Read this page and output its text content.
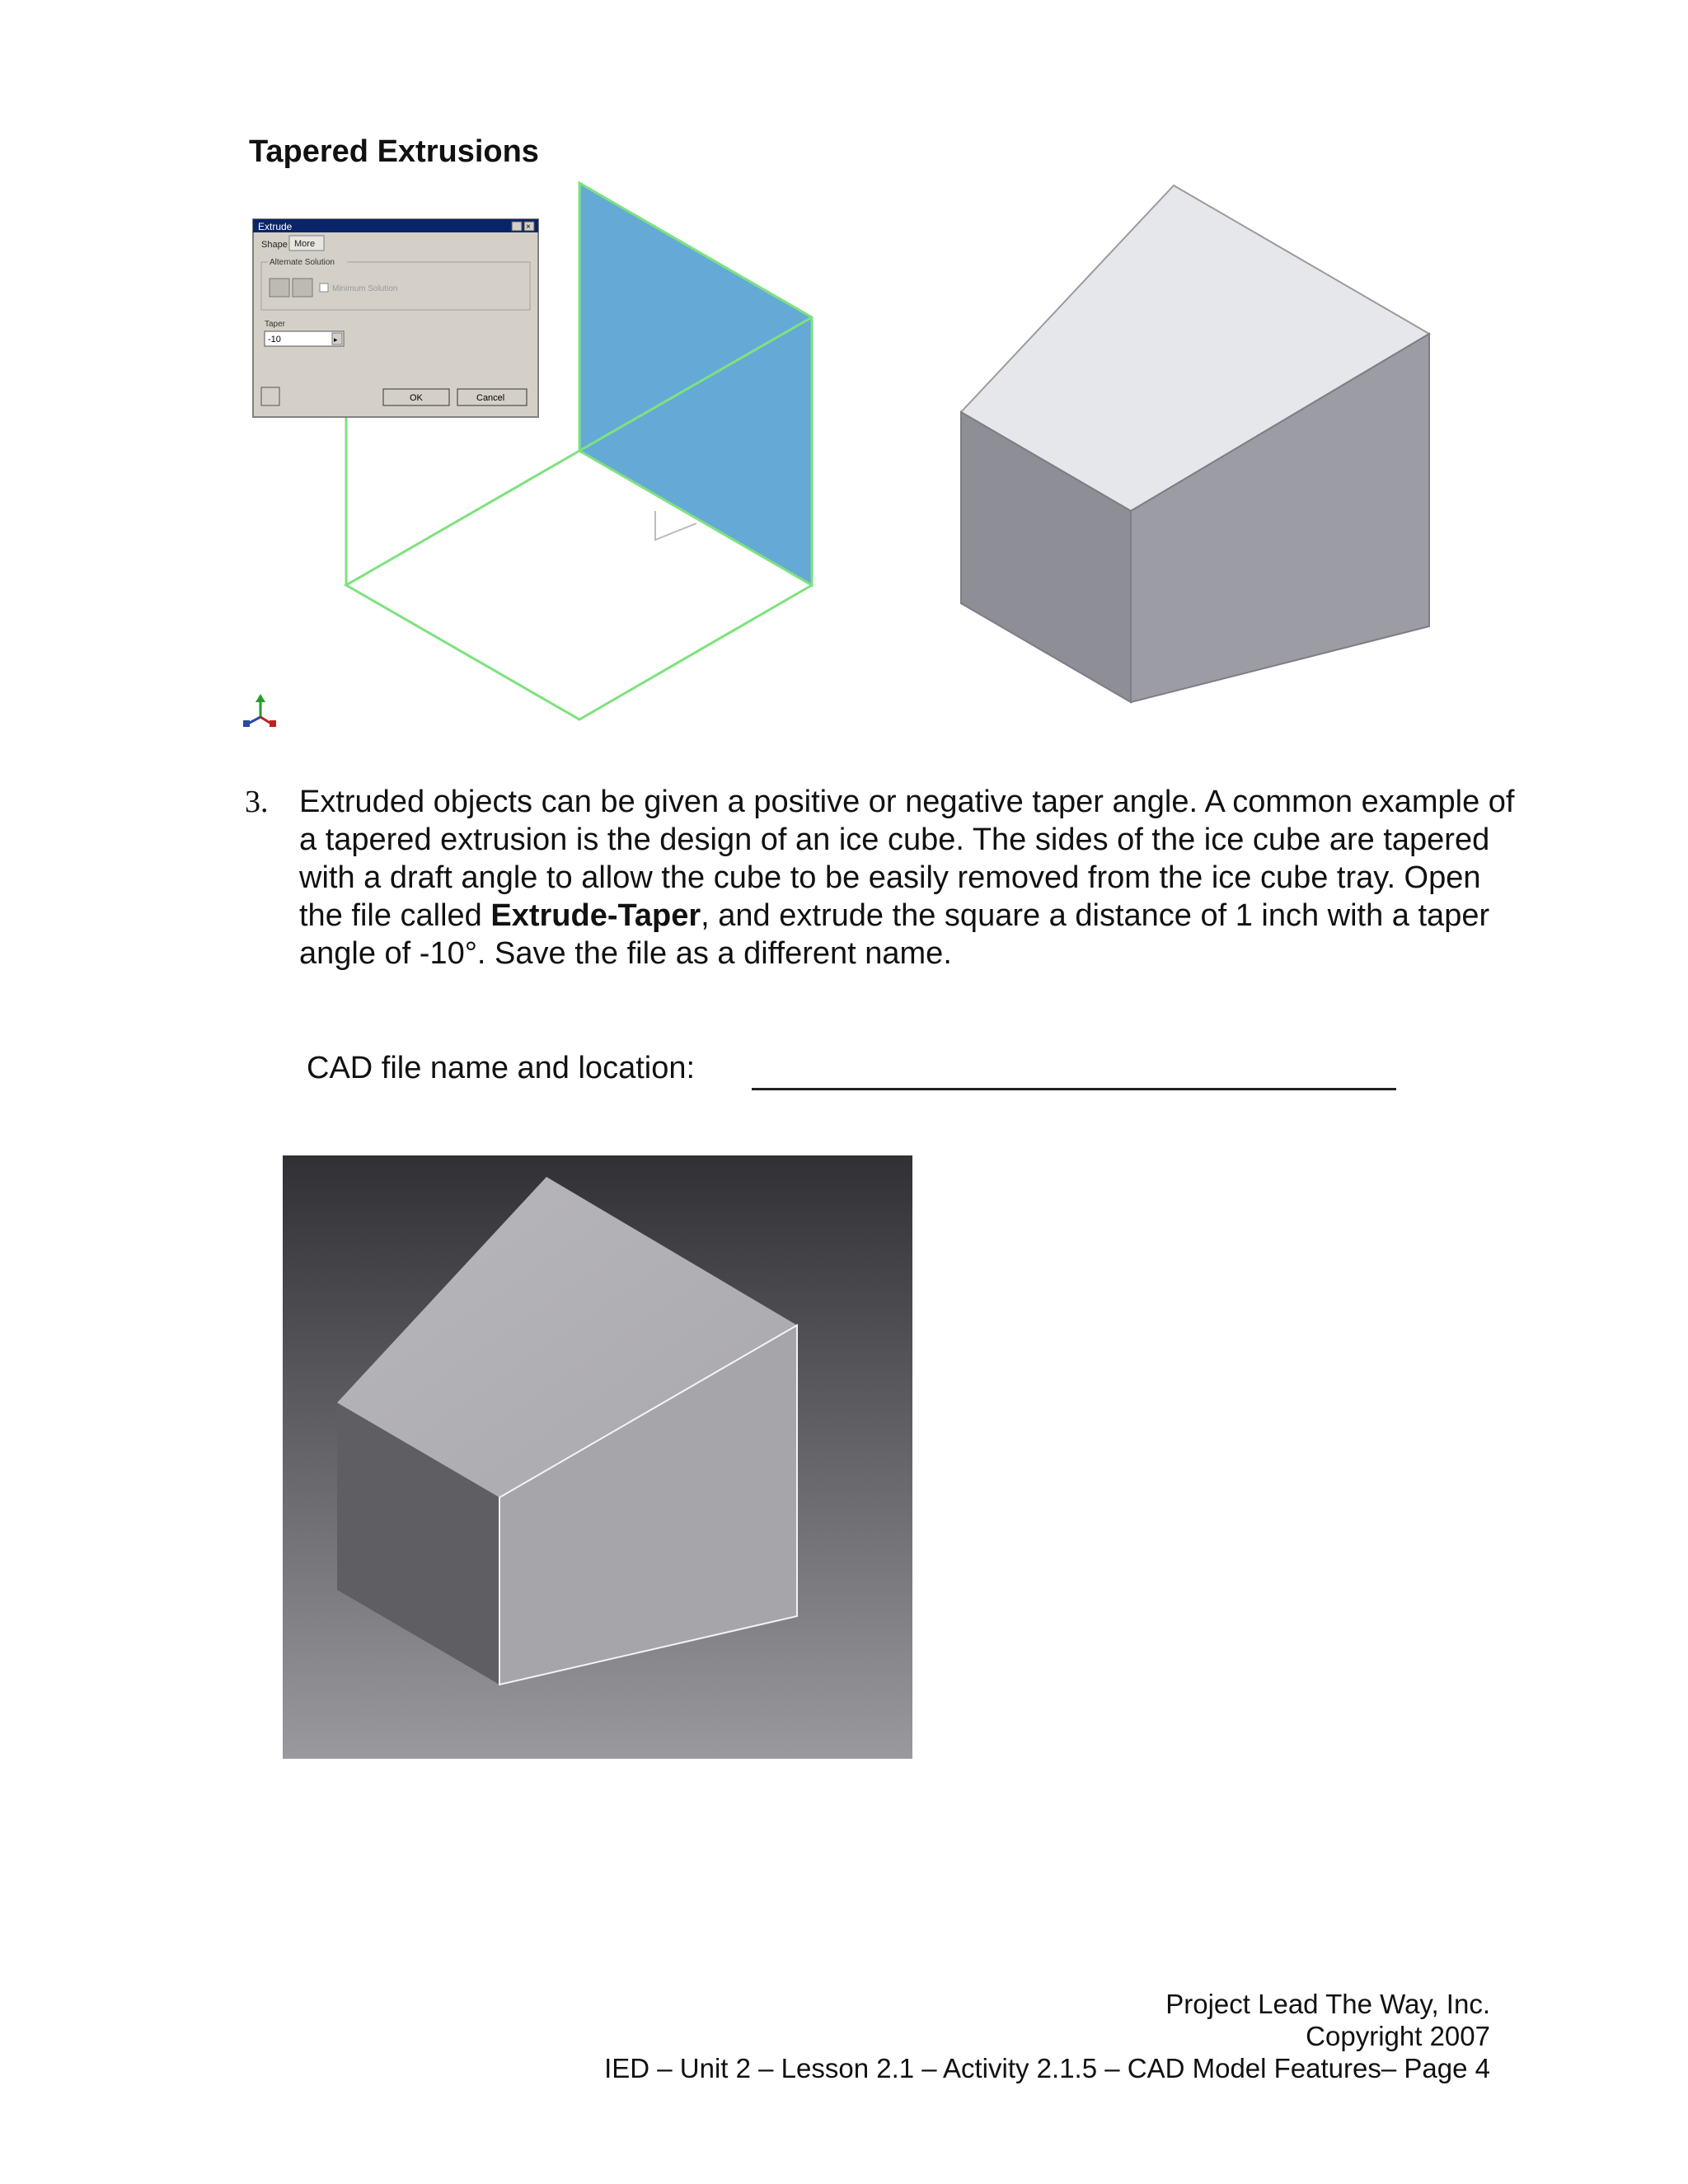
Tapered Extrusions
Extrude	×
Shape More
Alternate Solution
Minimum Solution
Taper
-10	▸
OK	Cancel
3. Extruded objects can be given a positive or negative taper angle. A common example of a tapered extrusion is the design of an ice cube. The sides of the ice cube are tapered with a draft angle to allow the cube to be easily removed from the ice cube tray. Open the file called Extrude-Taper, and extrude the square a distance of 1 inch with a taper angle of -10°. Save the file as a different name.
CAD file name and location:
Project Lead The Way, Inc.
Copyright 2007
IED – Unit 2 – Lesson 2.1 – Activity 2.1.5 – CAD Model Features– Page 4
